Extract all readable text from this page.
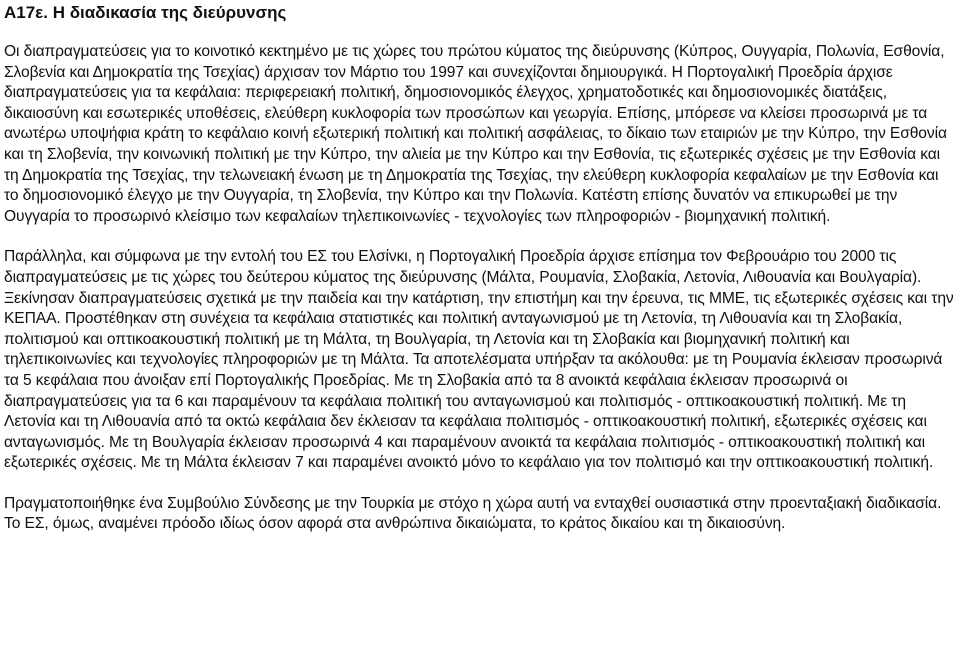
A17ε. Η διαδικασία της διεύρυνσης

Οι διαπραγματεύσεις για το κοινοτικό κεκτημένο με τις χώρες του πρώτου κύματος της διεύρυνσης (Κύπρος, Ουγγαρία, Πολωνία, Εσθονία, Σλοβενία και Δημοκρατία της Τσεχίας) άρχισαν τον Μάρτιο του 1997 και συνεχίζονται δημιουργικά. Η Πορτογαλική Προεδρία άρχισε διαπραγματεύσεις για τα κεφάλαια: περιφερειακή πολιτική, δημοσιονομικός έλεγχος, χρηματοδοτικές και δημοσιονομικές διατάξεις, δικαιοσύνη και εσωτερικές υποθέσεις, ελεύθερη κυκλοφορία των προσώπων και γεωργία. Επίσης, μπόρεσε να κλείσει προσωρινά με τα ανωτέρω υποψήφια κράτη το κεφάλαιο κοινή εξωτερική πολιτική και πολιτική ασφάλειας, το δίκαιο των εταιριών με την Κύπρο, την Εσθονία και τη Σλοβενία, την κοινωνική πολιτική με την Κύπρο, την αλιεία με την Κύπρο και την Εσθονία, τις εξωτερικές σχέσεις με την Εσθονία και τη Δημοκρατία της Τσεχίας, την τελωνειακή ένωση με τη Δημοκρατία της Τσεχίας, την ελεύθερη κυκλοφορία κεφαλαίων με την Εσθονία και το δημοσιονομικό έλεγχο με την Ουγγαρία, τη Σλοβενία, την Κύπρο και την Πολωνία. Κατέστη επίσης δυνατόν να επικυρωθεί με την Ουγγαρία το προσωρινό κλείσιμο των κεφαλαίων τηλεπικοινωνίες - τεχνολογίες των πληροφοριών - βιομηχανική πολιτική.

Παράλληλα, και σύμφωνα με την εντολή του ΕΣ του Ελσίνκι, η Πορτογαλική Προεδρία άρχισε επίσημα τον Φεβρουάριο του 2000 τις διαπραγματεύσεις με τις χώρες του δεύτερου κύματος της διεύρυνσης (Μάλτα, Ρουμανία, Σλοβακία, Λετονία, Λιθουανία και Βουλγαρία). Ξεκίνησαν διαπραγματεύσεις σχετικά με την παιδεία και την κατάρτιση, την επιστήμη και την έρευνα, τις ΜΜΕ, τις εξωτερικές σχέσεις και την ΚΕΠΑΑ. Προστέθηκαν στη συνέχεια τα κεφάλαια στατιστικές και πολιτική ανταγωνισμού με τη Λετονία, τη Λιθουανία και τη Σλοβακία, πολιτισμού και οπτικοακουστική πολιτική με τη Μάλτα, τη Βουλγαρία, τη Λετονία και τη Σλοβακία και βιομηχανική πολιτική και τηλεπικοινωνίες και τεχνολογίες πληροφοριών με τη Μάλτα. Τα αποτελέσματα υπήρξαν τα ακόλουθα: με τη Ρουμανία έκλεισαν προσωρινά τα 5 κεφάλαια που άνοιξαν επί Πορτογαλικής Προεδρίας. Με τη Σλοβακία από τα 8 ανοικτά κεφάλαια έκλεισαν προσωρινά οι διαπραγματεύσεις για τα 6 και παραμένουν τα κεφάλαια πολιτική του ανταγωνισμού και πολιτισμός - οπτικοακουστική πολιτική. Με τη Λετονία και τη Λιθουανία από τα οκτώ κεφάλαια δεν έκλεισαν τα κεφάλαια πολιτισμός - οπτικοακουστική πολιτική, εξωτερικές σχέσεις και ανταγωνισμός. Με τη Βουλγαρία έκλεισαν προσωρινά 4 και παραμένουν ανοικτά τα κεφάλαια πολιτισμός - οπτικοακουστική πολιτική και εξωτερικές σχέσεις. Με τη Μάλτα έκλεισαν 7 και παραμένει ανοικτό μόνο το κεφάλαιο για τον πολιτισμό και την οπτικοακουστική πολιτική.

Πραγματοποιήθηκε ένα Συμβούλιο Σύνδεσης με την Τουρκία με στόχο η χώρα αυτή να ενταχθεί ουσιαστικά στην προενταξιακή διαδικασία. Το ΕΣ, όμως, αναμένει πρόοδο ιδίως όσον αφορά στα ανθρώπινα δικαιώματα, το κράτος δικαίου και τη δικαιοσύνη.
